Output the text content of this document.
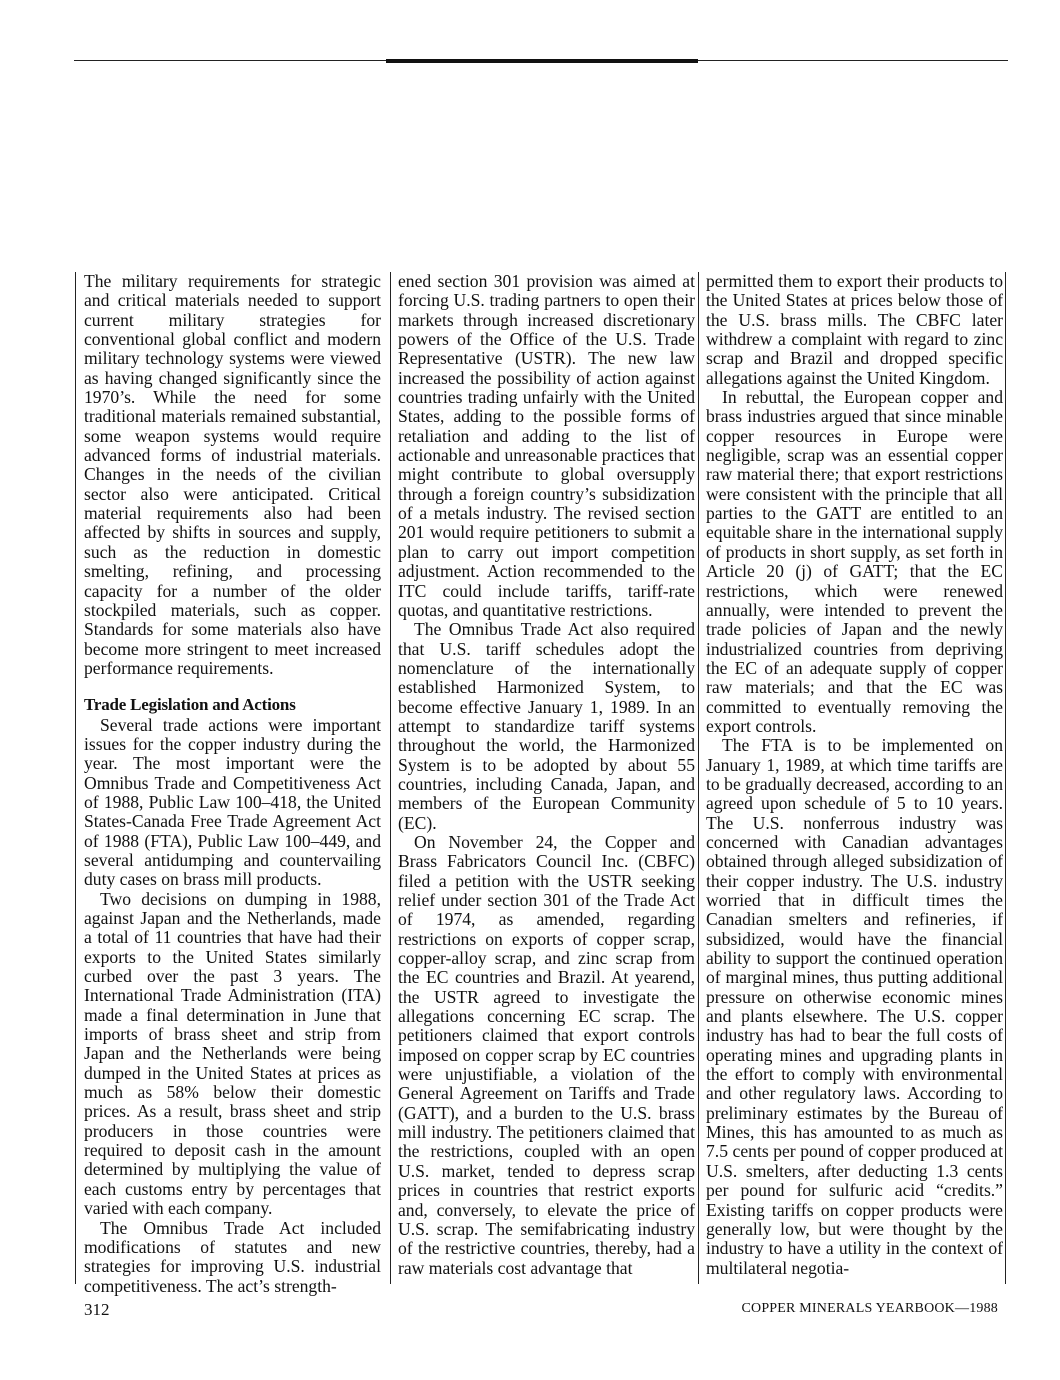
The military requirements for strategic and critical materials needed to support current military strategies for conventional global conflict and modern military technology systems were viewed as having changed significantly since the 1970’s. While the need for some traditional materials remained substantial, some weapon systems would require advanced forms of industrial materials. Changes in the needs of the civilian sector also were anticipated. Critical material requirements also had been affected by shifts in sources and supply, such as the reduction in domestic smelting, refining, and processing capacity for a number of the older stockpiled materials, such as copper. Standards for some materials also have become more stringent to meet increased performance requirements.

Trade Legislation and Actions

Several trade actions were important issues for the copper industry during the year. The most important were the Omnibus Trade and Competitiveness Act of 1988, Public Law 100–418, the United States-Canada Free Trade Agreement Act of 1988 (FTA), Public Law 100–449, and several antidumping and countervailing duty cases on brass mill products.

Two decisions on dumping in 1988, against Japan and the Netherlands, made a total of 11 countries that have had their exports to the United States similarly curbed over the past 3 years. The International Trade Administration (ITA) made a final determination in June that imports of brass sheet and strip from Japan and the Netherlands were being dumped in the United States at prices as much as 58% below their domestic prices. As a result, brass sheet and strip producers in those countries were required to deposit cash in the amount determined by multiplying the value of each customs entry by percentages that varied with each company.

The Omnibus Trade Act included modifications of statutes and new strategies for improving U.S. industrial competitiveness. The act’s strength-

ened section 301 provision was aimed at forcing U.S. trading partners to open their markets through increased discretionary powers of the Office of the U.S. Trade Representative (USTR). The new law increased the possibility of action against countries trading unfairly with the United States, adding to the possible forms of retaliation and adding to the list of actionable and unreasonable practices that might contribute to global oversupply through a foreign country’s subsidization of a metals industry. The revised section 201 would require petitioners to submit a plan to carry out import competition adjustment. Action recommended to the ITC could include tariffs, tariff-rate quotas, and quantitative restrictions.

The Omnibus Trade Act also required that U.S. tariff schedules adopt the nomenclature of the internationally established Harmonized System, to become effective January 1, 1989. In an attempt to standardize tariff systems throughout the world, the Harmonized System is to be adopted by about 55 countries, including Canada, Japan, and members of the European Community (EC).

On November 24, the Copper and Brass Fabricators Council Inc. (CBFC) filed a petition with the USTR seeking relief under section 301 of the Trade Act of 1974, as amended, regarding restrictions on exports of copper scrap, copper-alloy scrap, and zinc scrap from the EC countries and Brazil. At yearend, the USTR agreed to investigate the allegations concerning EC scrap. The petitioners claimed that export controls imposed on copper scrap by EC countries were unjustifiable, a violation of the General Agreement on Tariffs and Trade (GATT), and a burden to the U.S. brass mill industry. The petitioners claimed that the restrictions, coupled with an open U.S. market, tended to depress scrap prices in countries that restrict exports and, conversely, to elevate the price of U.S. scrap. The semifabricating industry of the restrictive countries, thereby, had a raw materials cost advantage that

permitted them to export their products to the United States at prices below those of the U.S. brass mills. The CBFC later withdrew a complaint with regard to zinc scrap and Brazil and dropped specific allegations against the United Kingdom.

In rebuttal, the European copper and brass industries argued that since minable copper resources in Europe were negligible, scrap was an essential copper raw material there; that export restrictions were consistent with the principle that all parties to the GATT are entitled to an equitable share in the international supply of products in short supply, as set forth in Article 20 (j) of GATT; that the EC restrictions, which were renewed annually, were intended to prevent the trade policies of Japan and the newly industrialized countries from depriving the EC of an adequate supply of copper raw materials; and that the EC was committed to eventually removing the export controls.

The FTA is to be implemented on January 1, 1989, at which time tariffs are to be gradually decreased, according to an agreed upon schedule of 5 to 10 years. The U.S. nonferrous industry was concerned with Canadian advantages obtained through alleged subsidization of their copper industry. The U.S. industry worried that in difficult times the Canadian smelters and refineries, if subsidized, would have the financial ability to support the continued operation of marginal mines, thus putting additional pressure on otherwise economic mines and plants elsewhere. The U.S. copper industry has had to bear the full costs of operating mines and upgrading plants in the effort to comply with environmental and other regulatory laws. According to preliminary estimates by the Bureau of Mines, this has amounted to as much as 7.5 cents per pound of copper produced at U.S. smelters, after deducting 1.3 cents per pound for sulfuric acid “credits.” Existing tariffs on copper products were generally low, but were thought by the industry to have a utility in the context of multilateral negotia-

312	COPPER MINERALS YEARBOOK—1988
